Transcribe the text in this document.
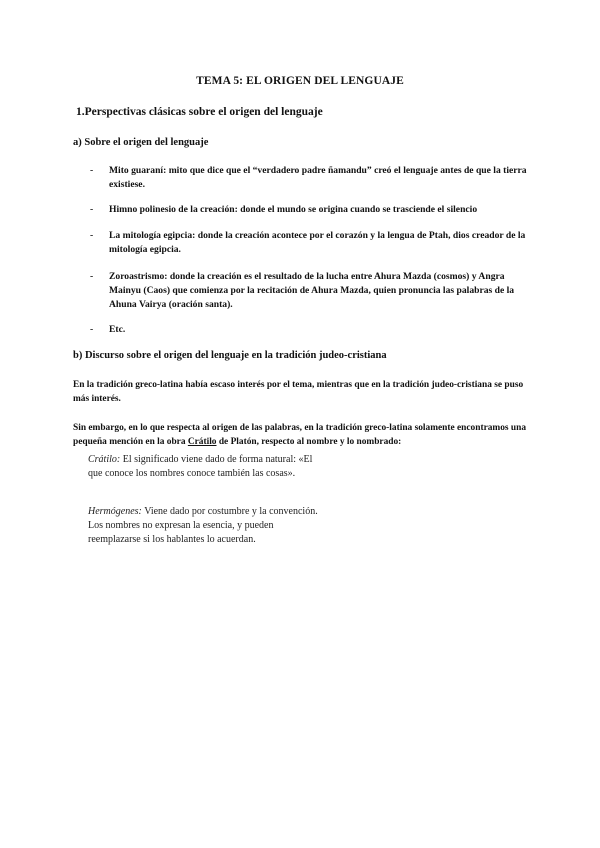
TEMA 5: EL ORIGEN DEL LENGUAJE
1.Perspectivas clásicas sobre el origen del lenguaje
a) Sobre el origen del lenguaje
- Mito guaraní: mito que dice que el “verdadero padre ñamandu” creó el lenguaje antes de que la tierra existiese.
- Himno polinesio de la creación: donde el mundo se origina cuando se trasciende el silencio
- La mitología egipcia: donde la creación acontece por el corazón y la lengua de Ptah, dios creador de la mitología egipcia.
- Zoroastrismo: donde la creación es el resultado de la lucha entre Ahura Mazda (cosmos) y Angra Mainyu (Caos) que comienza por la recitación de Ahura Mazda, quien pronuncia las palabras de la Ahuna Vairya (oración santa).
- Etc.
b) Discurso sobre el origen del lenguaje en la tradición judeo-cristiana
En la tradición greco-latina había escaso interés por el tema, mientras que en la tradición judeo-cristiana se puso más interés.
Sin embargo, en lo que respecta al origen de las palabras, en la tradición greco-latina solamente encontramos una pequeña mención en la obra Crátilo de Platón, respecto al nombre y lo nombrado:
Crátilo: El significado viene dado de forma natural: «El que conoce los nombres conoce también las cosas».
Hermógenes: Viene dado por costumbre y la convención. Los nombres no expresan la esencia, y pueden reemplazarse si los hablantes lo acuerdan.
